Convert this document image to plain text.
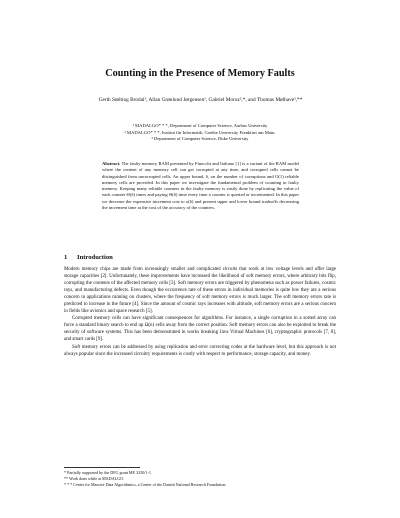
Counting in the Presence of Memory Faults
Gerth Stølting Brodal¹, Allan Grønlund Jørgensen¹, Gabriel Moruz²,*, and Thomas Mølhave³,**

¹ MADALGO* * *, Department of Computer Science, Aarhus University

² MADALGO* * *, Institut für Informatik, Goethe University Frankfurt am Main.

³ Department of Computer Science, Duke University

Abstract. The faulty memory RAM presented by Finocchi and Italiano [1] is a variant of the RAM model where the content of any memory cell can get corrupted at any time, and corrupted cells cannot be distinguished from uncorrupted cells. An upper bound, δ, on the number of corruptions and O(1) reliable memory cells are provided. In this paper we investigate the fundamental problem of counting in faulty memory. Keeping many reliable counters in the faulty memory is easily done by replicating the value of each counter Θ(δ) times and paying Θ(δ) time every time a counter is queried or incremented. In this paper we decrease the expensive increment cost to o(δ) and present upper and lower bound tradeoffs decreasing the increment time at the cost of the accuracy of the counters.
1 Introduction

Modern memory chips are made from increasingly smaller and complicated circuits that work at low voltage levels and offer large storage capacities [2]. Unfortunately, these improvements have increased the likelihood of soft memory errors, where arbitrary bits flip, corrupting the contents of the affected memory cells [3]. Soft memory errors are triggered by phenomena such as power failures, cosmic rays, and manufacturing defects. Even though the occurrence rate of these errors in individual memories is quite low they are a serious concern in applications running on clusters, where the frequency of soft memory errors is much larger. The soft memory errors rate is predicted to increase in the future [4]. Since the amount of cosmic rays increases with altitude, soft memory errors are a serious concern in fields like avionics and space research [5].

Corrupted memory cells can have significant consequences for algorithms. For instance, a single corruption in a sorted array can force a standard binary search to end up Ω(n) cells away from the correct position. Soft memory errors can also be exploited to break the security of software systems. This has been demonstrated in works breaking Java Virtual Machines [6], cryptographic protocols [7, 8], and smart cards [9].

Soft memory errors can be addressed by using replication and error correcting codes at the hardware level, but this approach is not always popular since the increased circuitry requirements is costly with respect to performance, storage capacity, and money.

* Partially supported by the DFG grant ME 3250/1-1.

** Work done while at MADALGO.

* * * Center for Massive Data Algorithmics, a Center of the Danish National Research Foundation.
